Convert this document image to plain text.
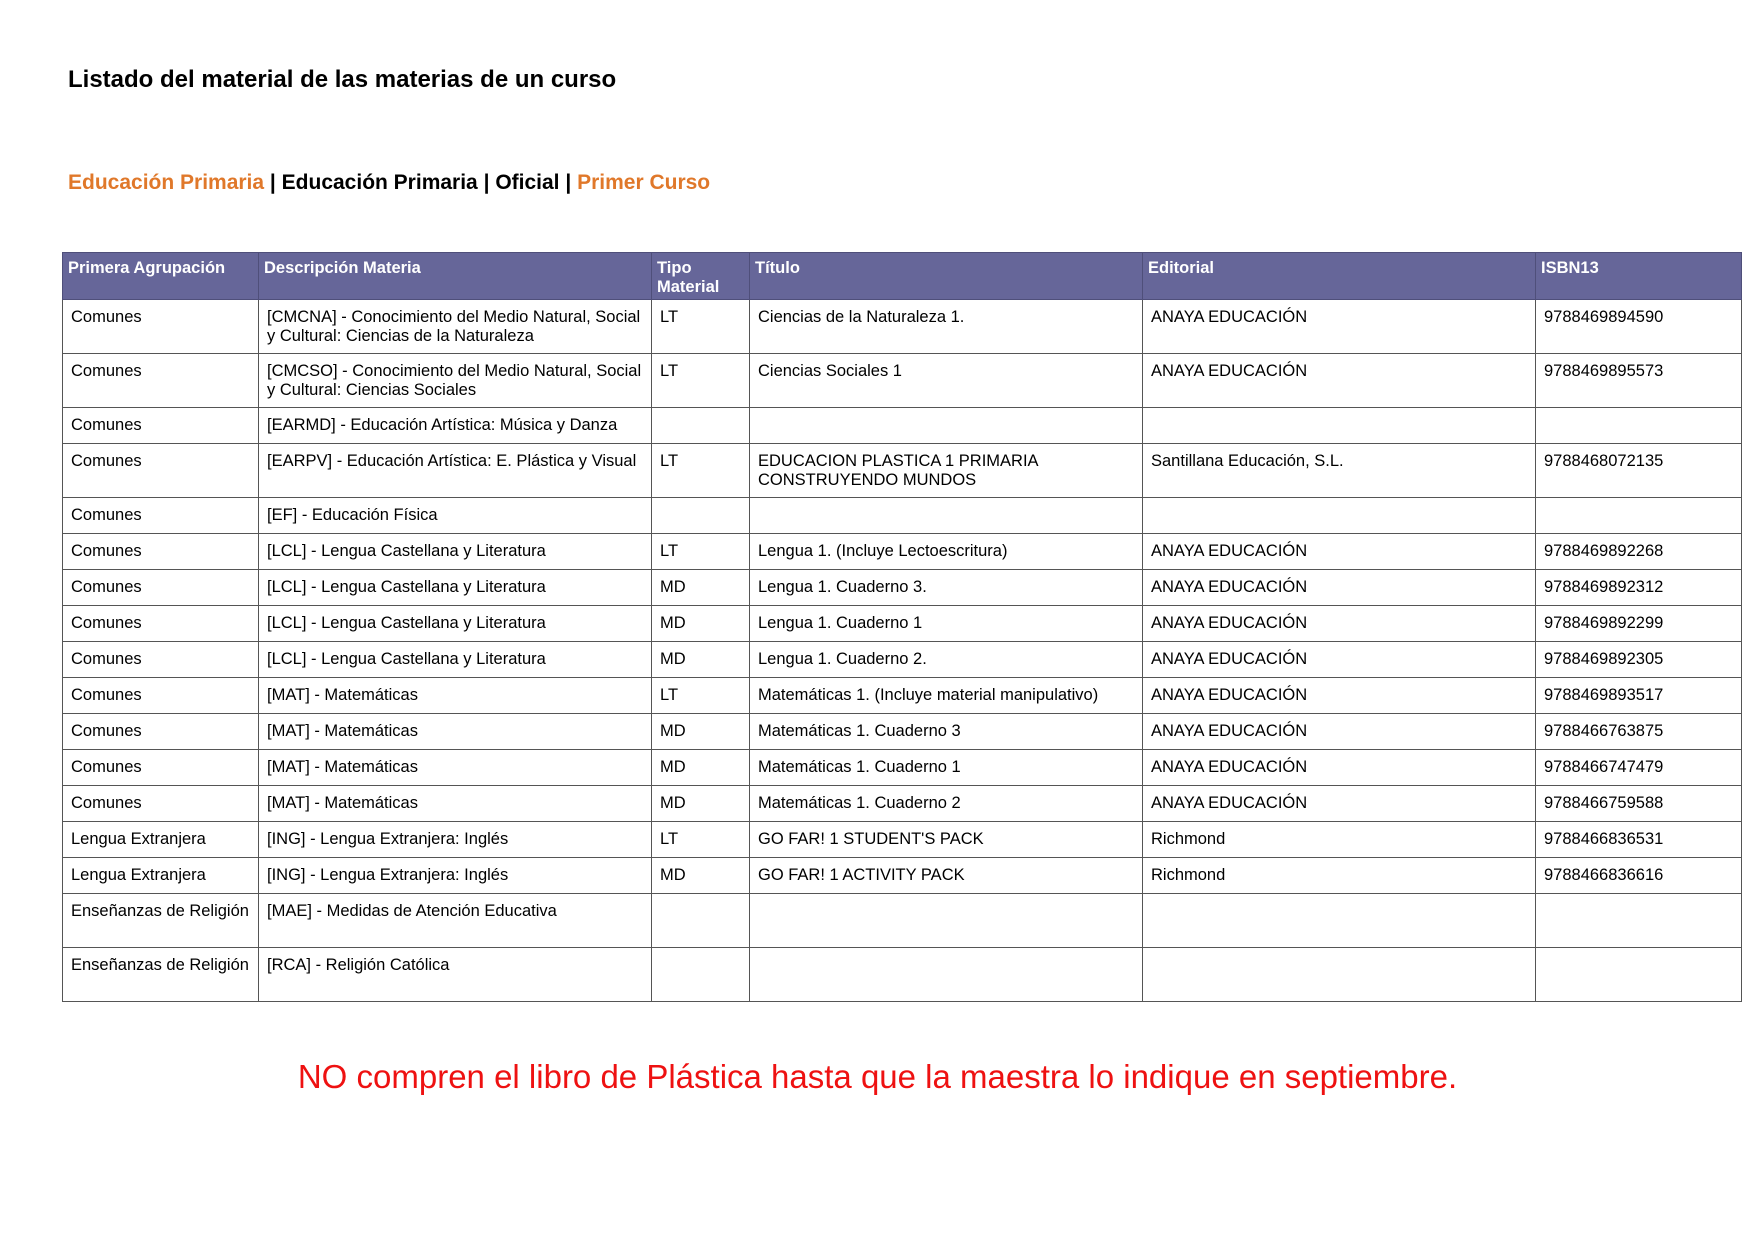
Listado del material de las materias de un curso
Educación Primaria | Educación Primaria | Oficial | Primer Curso
Primera Agrupación	Descripción Materia	Tipo Material	Título	Editorial	ISBN13
Comunes	[CMCNA] - Conocimiento del Medio Natural, Social y Cultural: Ciencias de la Naturaleza	LT	Ciencias de la Naturaleza 1.	ANAYA EDUCACIÓN	9788469894590
Comunes	[CMCSO] - Conocimiento del Medio Natural, Social y Cultural: Ciencias Sociales	LT	Ciencias Sociales 1	ANAYA EDUCACIÓN	9788469895573
Comunes	[EARMD] - Educación Artística: Música y Danza				
Comunes	[EARPV] - Educación Artística: E. Plástica y Visual	LT	EDUCACION PLASTICA 1 PRIMARIA CONSTRUYENDO MUNDOS	Santillana Educación, S.L.	9788468072135
Comunes	[EF] - Educación Física				
Comunes	[LCL] - Lengua Castellana y Literatura	LT	Lengua 1. (Incluye Lectoescritura)	ANAYA EDUCACIÓN	9788469892268
Comunes	[LCL] - Lengua Castellana y Literatura	MD	Lengua 1. Cuaderno 3.	ANAYA EDUCACIÓN	9788469892312
Comunes	[LCL] - Lengua Castellana y Literatura	MD	Lengua 1. Cuaderno 1	ANAYA EDUCACIÓN	9788469892299
Comunes	[LCL] - Lengua Castellana y Literatura	MD	Lengua 1. Cuaderno 2.	ANAYA EDUCACIÓN	9788469892305
Comunes	[MAT] - Matemáticas	LT	Matemáticas 1. (Incluye material manipulativo)	ANAYA EDUCACIÓN	9788469893517
Comunes	[MAT] - Matemáticas	MD	Matemáticas 1. Cuaderno 3	ANAYA EDUCACIÓN	9788466763875
Comunes	[MAT] - Matemáticas	MD	Matemáticas 1. Cuaderno 1	ANAYA EDUCACIÓN	9788466747479
Comunes	[MAT] - Matemáticas	MD	Matemáticas 1. Cuaderno 2	ANAYA EDUCACIÓN	9788466759588
Lengua Extranjera	[ING] - Lengua Extranjera: Inglés	LT	GO FAR! 1 STUDENT'S PACK	Richmond	9788466836531
Lengua Extranjera	[ING] - Lengua Extranjera: Inglés	MD	GO FAR! 1 ACTIVITY PACK	Richmond	9788466836616
Enseñanzas de Religión	[MAE] - Medidas de Atención Educativa				
Enseñanzas de Religión	[RCA] - Religión Católica				
NO compren el libro de Plástica hasta que la maestra lo indique en septiembre.
